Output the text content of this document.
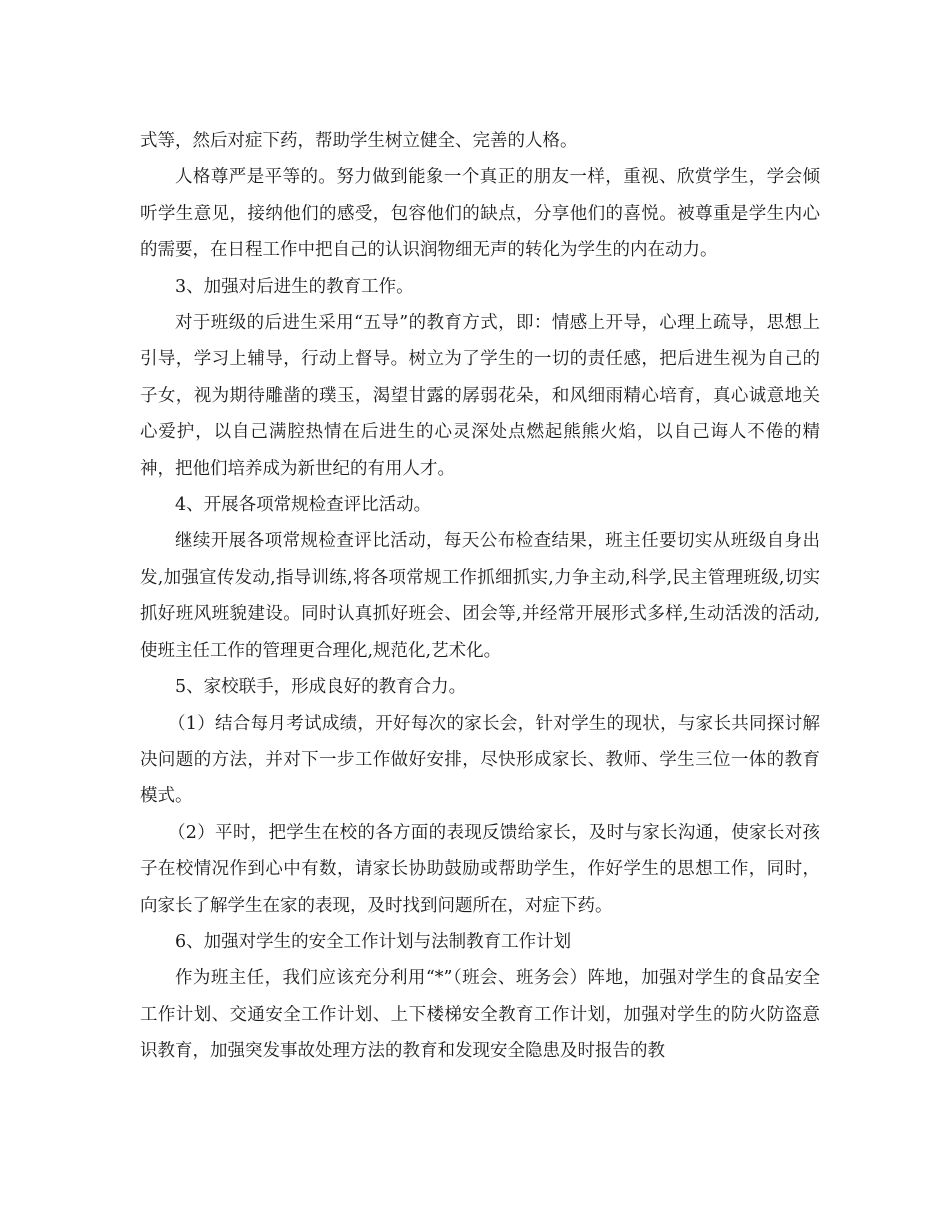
式等，然后对症下药，帮助学生树立健全、完善的人格。

人格尊严是平等的。努力做到能象一个真正的朋友一样，重视、欣赏学生，学会倾听学生意见，接纳他们的感受，包容他们的缺点，分享他们的喜悦。被尊重是学生内心的需要，在日程工作中把自己的认识润物细无声的转化为学生的内在动力。

3、加强对后进生的教育工作。

对于班级的后进生采用“五导”的教育方式，即：情感上开导，心理上疏导，思想上引导，学习上辅导，行动上督导。树立为了学生的一切的责任感，把后进生视为自己的子女，视为期待雕凿的璞玉，渴望甘露的孱弱花朵，和风细雨精心培育，真心诚意地关心爱护，以自己满腔热情在后进生的心灵深处点燃起熊熊火焰，以自己诲人不倦的精神，把他们培养成为新世纪的有用人才。

4、开展各项常规检查评比活动。

继续开展各项常规检查评比活动，每天公布检查结果，班主任要切实从班级自身出发,加强宣传发动,指导训练,将各项常规工作抓细抓实,力争主动,科学,民主管理班级,切实抓好班风班貌建设。同时认真抓好班会、团会等,并经常开展形式多样,生动活泼的活动,使班主任工作的管理更合理化,规范化,艺术化。

5、家校联手，形成良好的教育合力。

（1）结合每月考试成绩，开好每次的家长会，针对学生的现状，与家长共同探讨解决问题的方法，并对下一步工作做好安排，尽快形成家长、教师、学生三位一体的教育模式。

（2）平时，把学生在校的各方面的表现反馈给家长，及时与家长沟通，使家长对孩子在校情况作到心中有数，请家长协助鼓励或帮助学生，作好学生的思想工作，同时，向家长了解学生在家的表现，及时找到问题所在，对症下药。

6、加强对学生的安全工作计划与法制教育工作计划

作为班主任，我们应该充分利用“*”（班会、班务会）阵地，加强对学生的食品安全工作计划、交通安全工作计划、上下楼梯安全教育工作计划，加强对学生的防火防盗意识教育，加强突发事故处理方法的教育和发现安全隐患及时报告的教
